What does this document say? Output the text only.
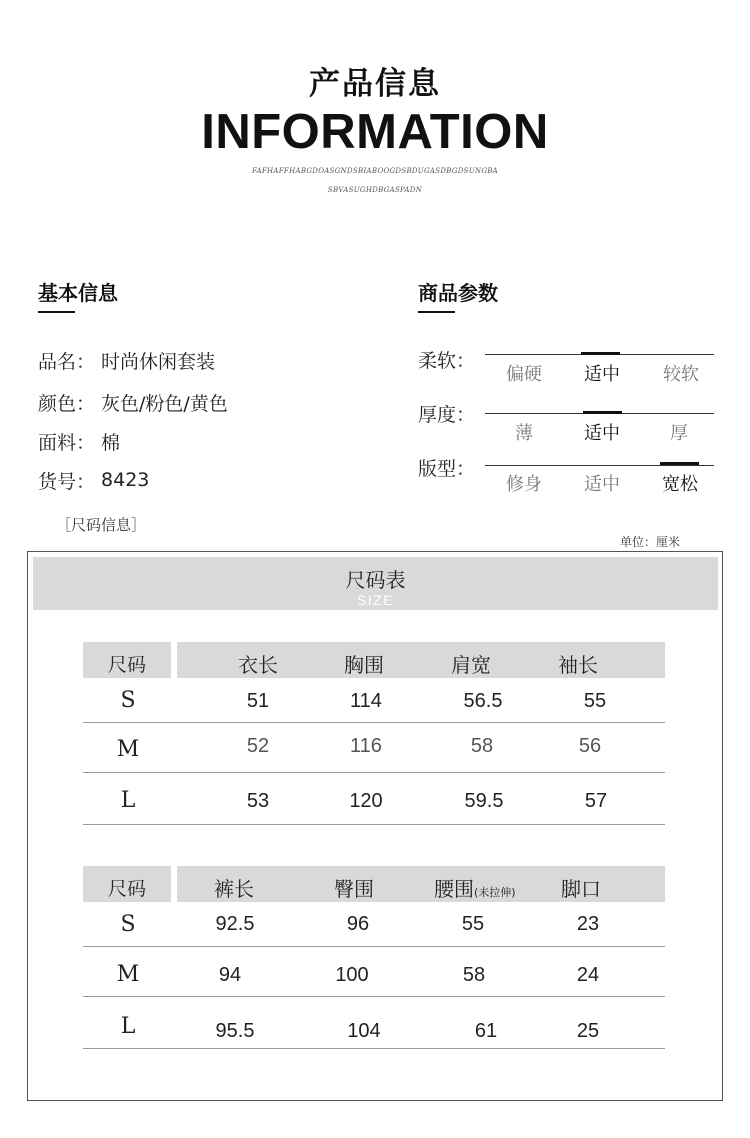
产品信息
INFORMATION
FAFHAFFHABGDOASGNDSBIABOOGDSBDUGASDBGDSUNGBA
SBVASUGHDBGASPADN
基本信息
品名： 时尚休闲套装
颜色： 灰色/粉色/黄色
面料： 棉
货号： 8423
［尺码信息］
商品参数
柔软：
偏硬	适中	较软
厚度：
薄	适中	厚
版型：
修身	适中	宽松
单位：厘米
尺码表
SIZE
尺码	衣长	胸围	肩宽	袖长
S	51	114	56.5	55
M	52	116	58	56
L	53	120	59.5	57
尺码	裤长	臀围	腰围(未拉伸)	脚口
S	92.5	96	55	23
M	94	100	58	24
L	95.5	104	61	25
